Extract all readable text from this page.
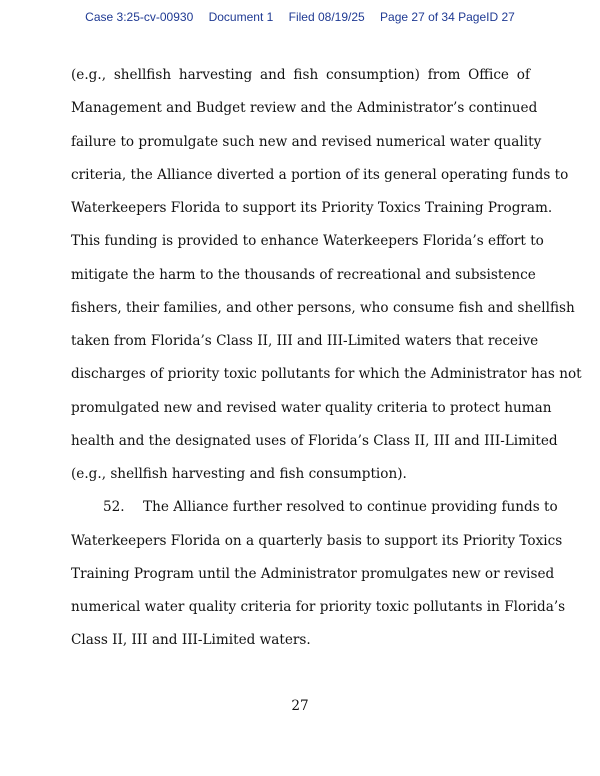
Case 3:25-cv-00930 Document 1 Filed 08/19/25 Page 27 of 34 PageID 27
(e.g., shellfish harvesting and fish consumption) from Office of
Management and Budget review and the Administrator’s continued
failure to promulgate such new and revised numerical water quality
criteria, the Alliance diverted a portion of its general operating funds to
Waterkeepers Florida to support its Priority Toxics Training Program.
This funding is provided to enhance Waterkeepers Florida’s effort to
mitigate the harm to the thousands of recreational and subsistence
fishers, their families, and other persons, who consume fish and shellfish
taken from Florida’s Class II, III and III-Limited waters that receive
discharges of priority toxic pollutants for which the Administrator has not
promulgated new and revised water quality criteria to protect human
health and the designated uses of Florida’s Class II, III and III-Limited
(e.g., shellfish harvesting and fish consumption).
52. The Alliance further resolved to continue providing funds to
Waterkeepers Florida on a quarterly basis to support its Priority Toxics
Training Program until the Administrator promulgates new or revised
numerical water quality criteria for priority toxic pollutants in Florida’s
Class II, III and III-Limited waters.
27
